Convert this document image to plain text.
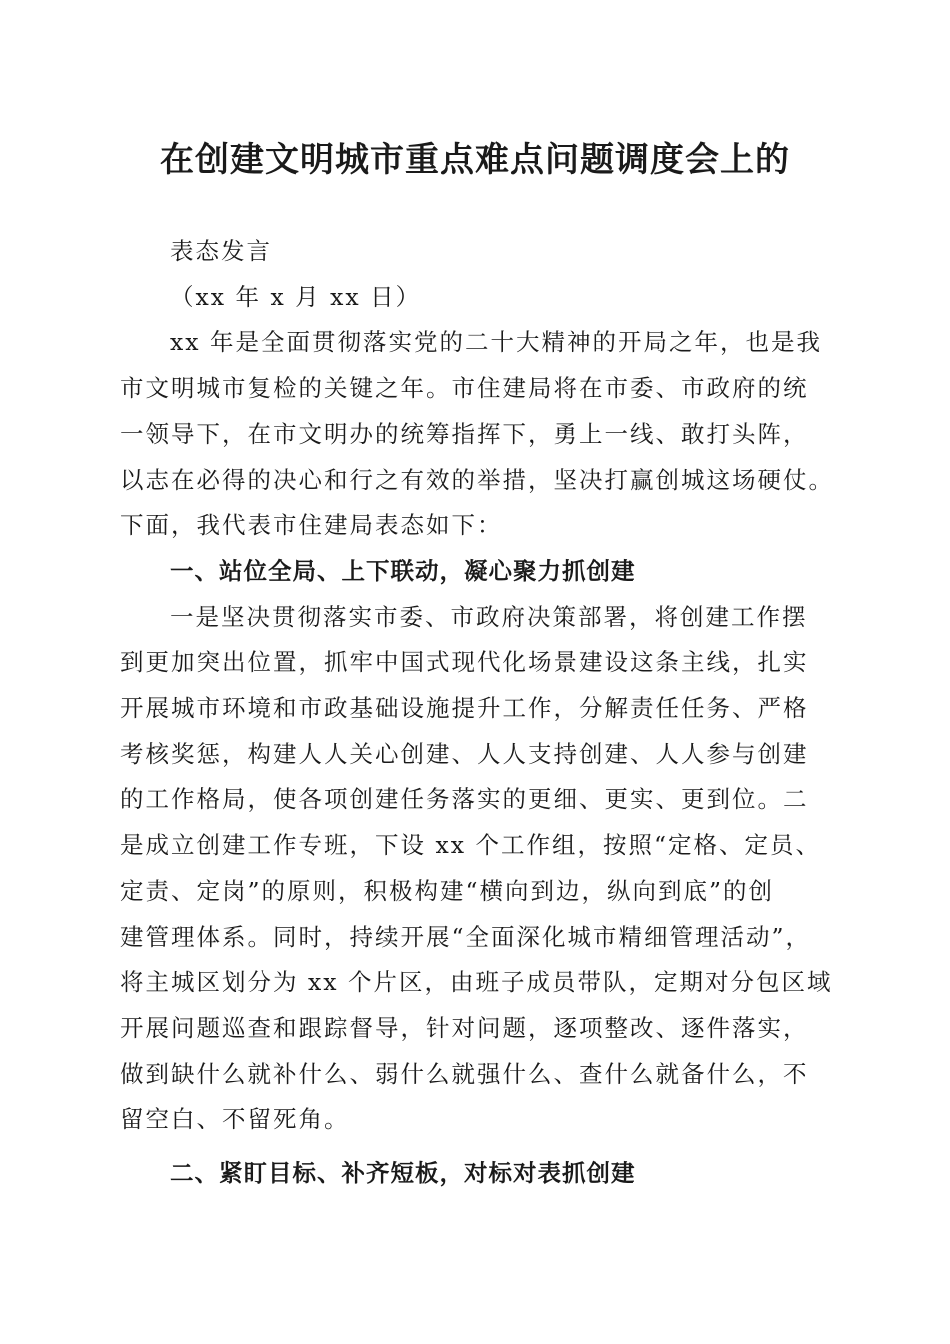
在创建文明城市重点难点问题调度会上的

表态发言

（xx 年 x 月 xx 日）

xx 年是全面贯彻落实党的二十大精神的开局之年，也是我

市文明城市复检的关键之年。市住建局将在市委、市政府的统

一领导下，在市文明办的统筹指挥下，勇上一线、敢打头阵，

以志在必得的决心和行之有效的举措，坚决打赢创城这场硬仗。

下面，我代表市住建局表态如下：

一、站位全局、上下联动，凝心聚力抓创建

一是坚决贯彻落实市委、市政府决策部署，将创建工作摆

到更加突出位置，抓牢中国式现代化场景建设这条主线，扎实

开展城市环境和市政基础设施提升工作，分解责任任务、严格

考核奖惩，构建人人关心创建、人人支持创建、人人参与创建

的工作格局，使各项创建任务落实的更细、更实、更到位。二

是成立创建工作专班，下设 xx 个工作组，按照“定格、定员、

定责、定岗”的原则，积极构建“横向到边，纵向到底”的创

建管理体系。同时，持续开展“全面深化城市精细管理活动”，

将主城区划分为 xx 个片区，由班子成员带队，定期对分包区域

开展问题巡查和跟踪督导，针对问题，逐项整改、逐件落实，

做到缺什么就补什么、弱什么就强什么、查什么就备什么，不

留空白、不留死角。

二、紧盯目标、补齐短板，对标对表抓创建
